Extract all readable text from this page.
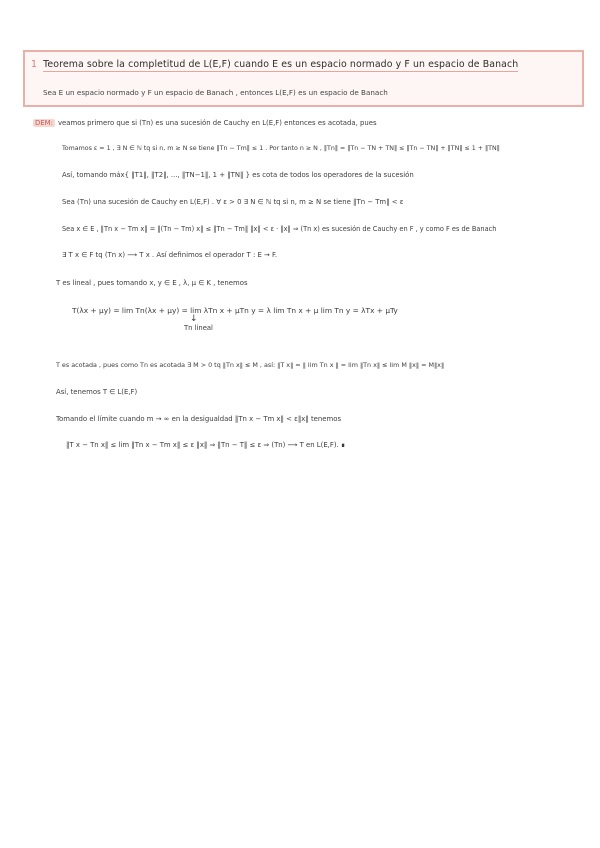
1 Teorema sobre la completitud de L(E,F) cuando E es un espacio normado y F un espacio de Banach
Sea E un espacio normado y F un espacio de Banach , entonces L(E,F) es un espacio de Banach
DEM: veamos primero que si (Tn) es una sucesión de Cauchy en L(E,F) entonces es acotada, pues
Tomamos ε = 1 , ∃ N ∈ ℕ tq si n, m ≥ N se tiene ‖Tn − Tm‖ ≤ 1 . Por tanto n ≥ N , ‖Tn‖ = ‖Tn − TN + TN‖ ≤ ‖Tn − TN‖ + ‖TN‖ ≤ 1 + ‖TN‖
Así, tomando máx{ ‖T1‖, ‖T2‖, ..., ‖TN−1‖, 1 + ‖TN‖ } es cota de todos los operadores de la sucesión
Sea (Tn) una sucesión de Cauchy en L(E,F) . ∀ ε > 0 ∃ N ∈ ℕ tq si n, m ≥ N se tiene ‖Tn − Tm‖ < ε
Sea x ∈ E , ‖Tn x − Tm x‖ = ‖(Tn − Tm) x‖ ≤ ‖Tn − Tm‖ ‖x‖ < ε · ‖x‖ ⇒ (Tn x) es sucesión de Cauchy en F , y como F es de Banach
∃ T x ∈ F tq (Tn x) ⟶ T x . Así definimos el operador T : E → F.
T es lineal , pues tomando x, y ∈ E , λ, μ ∈ K , tenemos
T(λx + μy) = lim Tn(λx + μy) = lim λTn x + μTn y = λ lim Tn x + μ lim Tn y = λTx + μTy
↓
Tn lineal
T es acotada , pues como Tn es acotada ∃ M > 0 tq ‖Tn x‖ ≤ M , así: ‖T x‖ = ‖ lim Tn x ‖ = lim ‖Tn x‖ ≤ lim M ‖x‖ = M‖x‖
Así, tenemos T ∈ L(E,F)
Tomando el límite cuando m → ∞ en la desigualdad ‖Tn x − Tm x‖ < ε‖x‖ tenemos
‖T x − Tn x‖ ≤ lim ‖Tn x − Tm x‖ ≤ ε ‖x‖ ⇒ ‖Tn − T‖ ≤ ε ⇒ (Tn) ⟶ T en L(E,F). ∎
